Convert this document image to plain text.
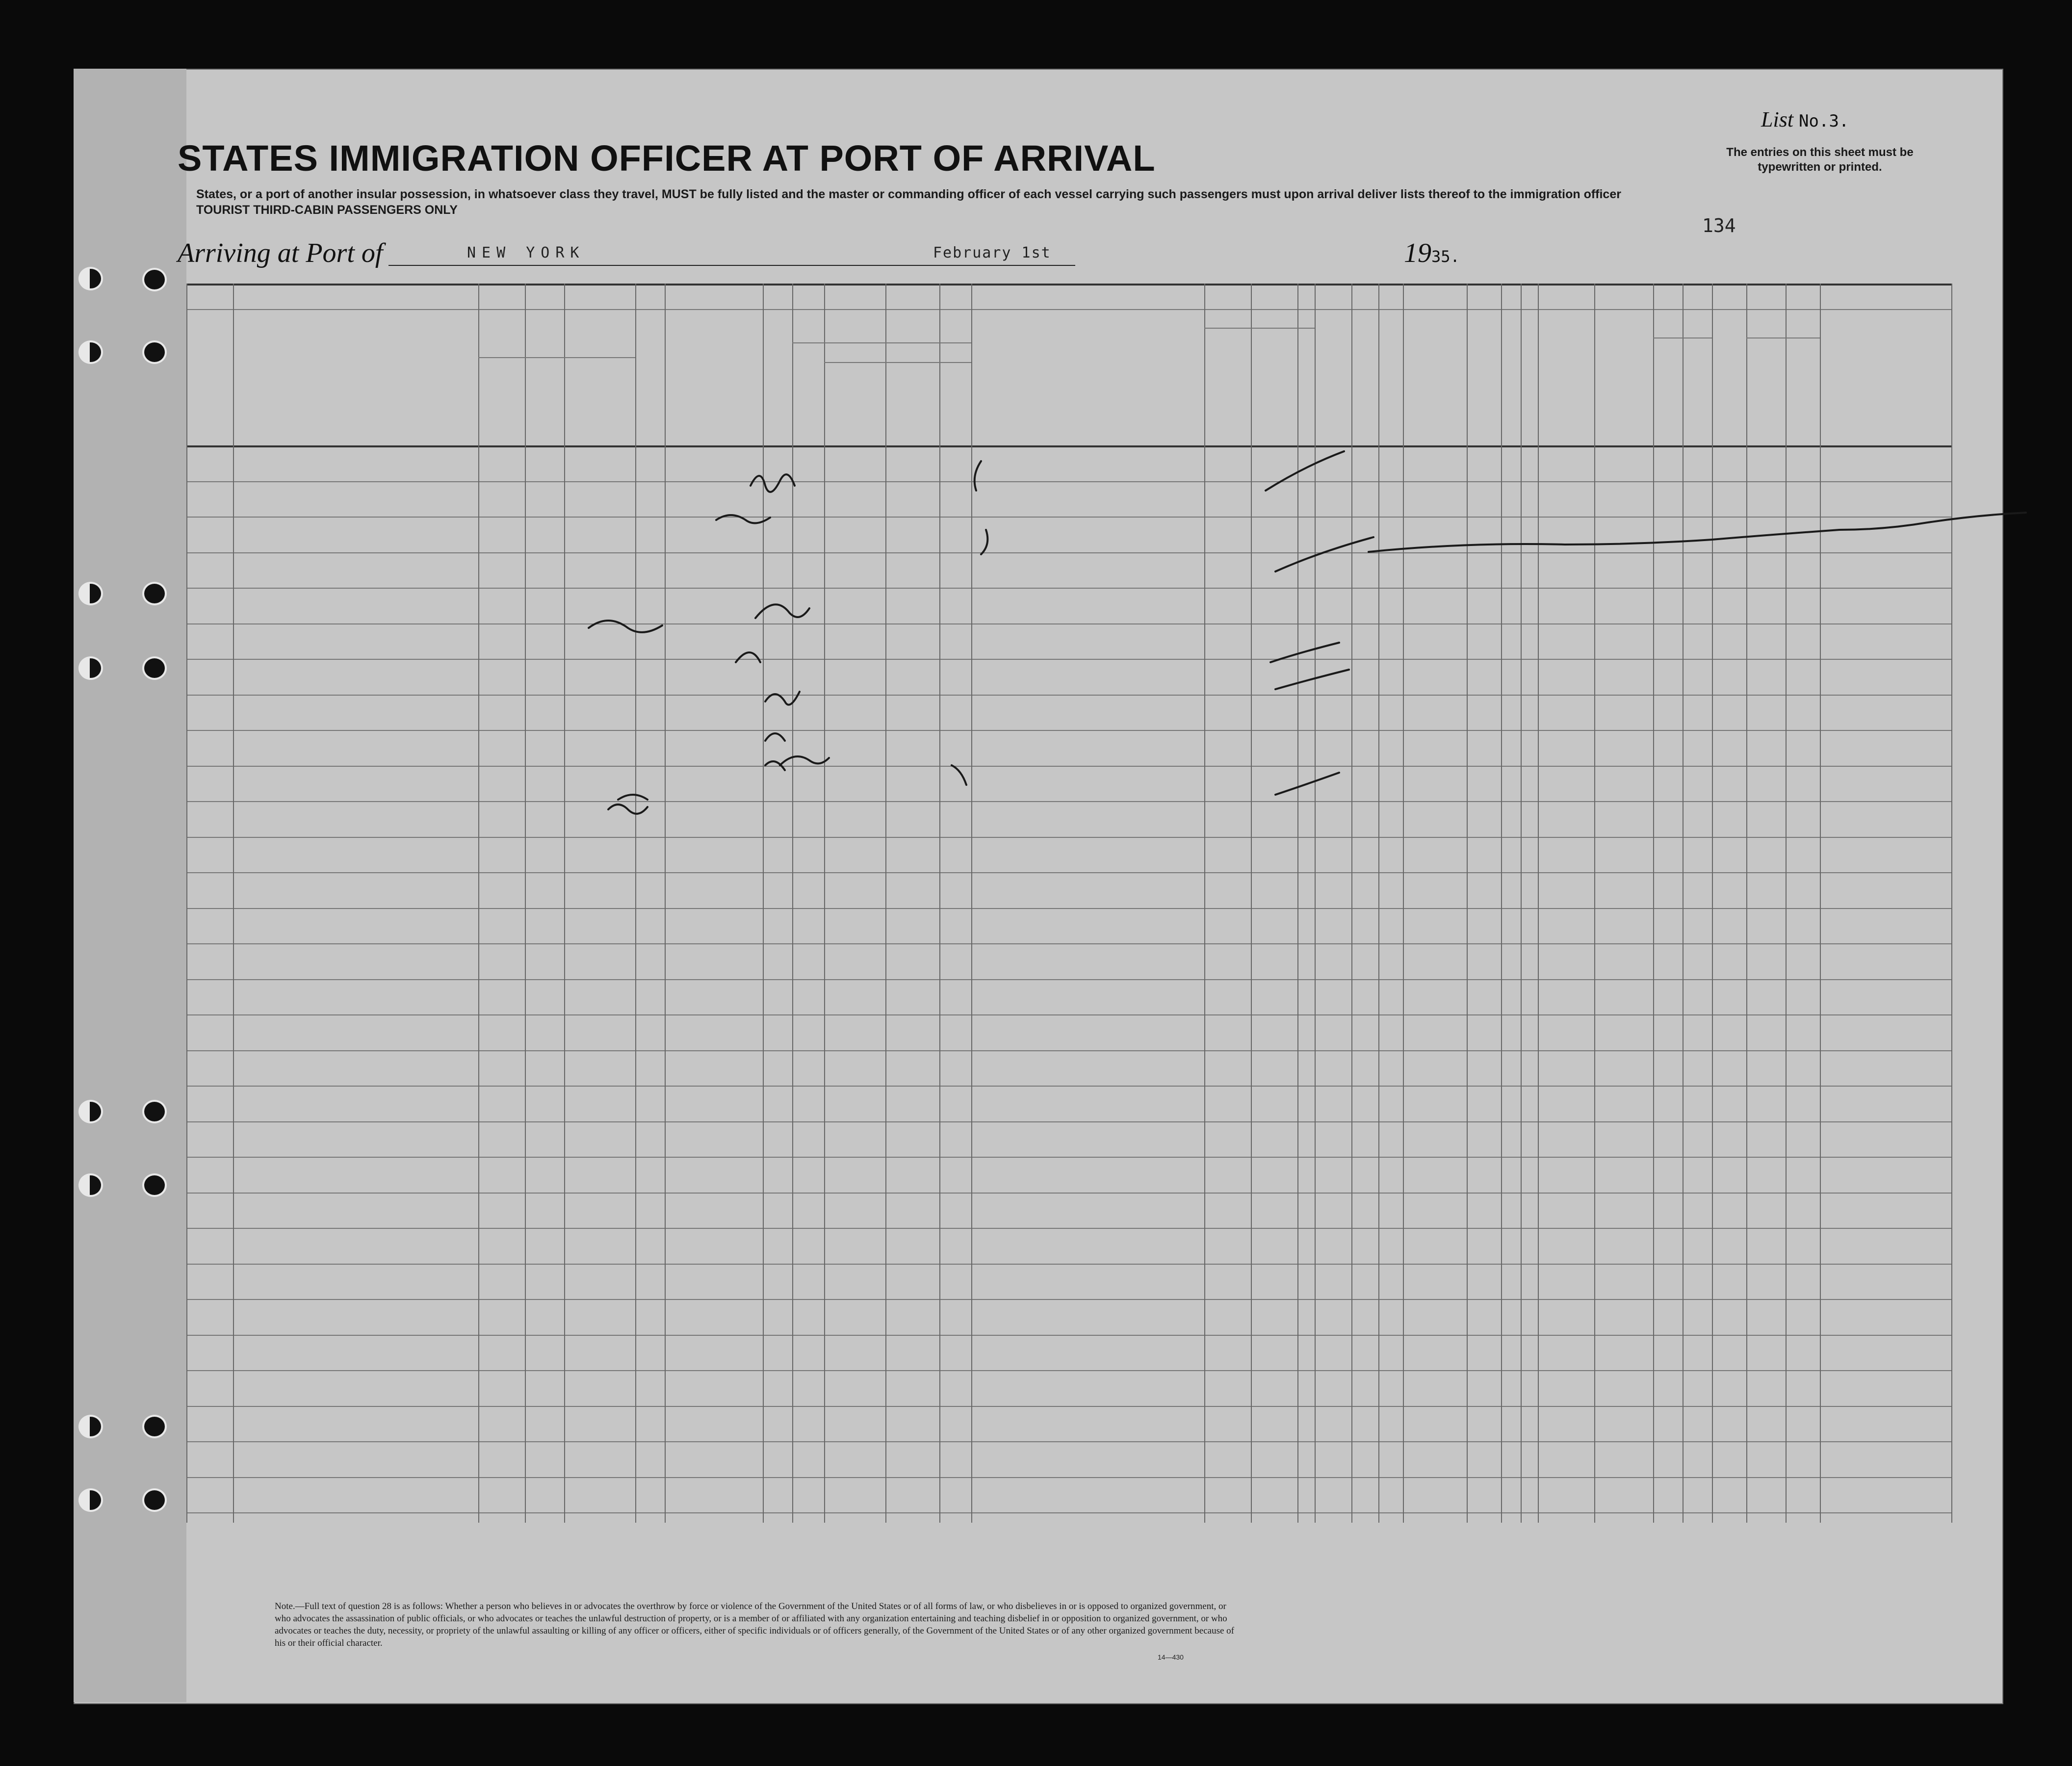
STATES IMMIGRATION OFFICER AT PORT OF ARRIVAL
States, or a port of another insular possession, in whatsoever class they travel, MUST be fully listed and the master or commanding officer of each vessel carrying such passengers must upon arrival deliver lists thereof to the immigration officer
TOURIST THIRD-CABIN PASSENGERS ONLY
List No.3.
The entries on this sheet must be typewritten or printed.
134
Arriving at Port of	NEW YORK	February 1st	1935.
Note.—Full text of question 28 is as follows: Whether a person who believes in or advocates the overthrow by force or violence of the Government of the United States or of all forms of law, or who disbelieves in or is opposed to organized government, or who advocates the assassination of public officials, or who advocates or teaches the unlawful destruction of property, or is a member of or affiliated with any organization entertaining and teaching disbelief in or opposition to organized government, or who advocates or teaches the duty, necessity, or propriety of the unlawful assaulting or killing of any officer or officers, either of specific individuals or of officers generally, of the Government of the United States or of any other organized government because of his or their official character.
14—430
